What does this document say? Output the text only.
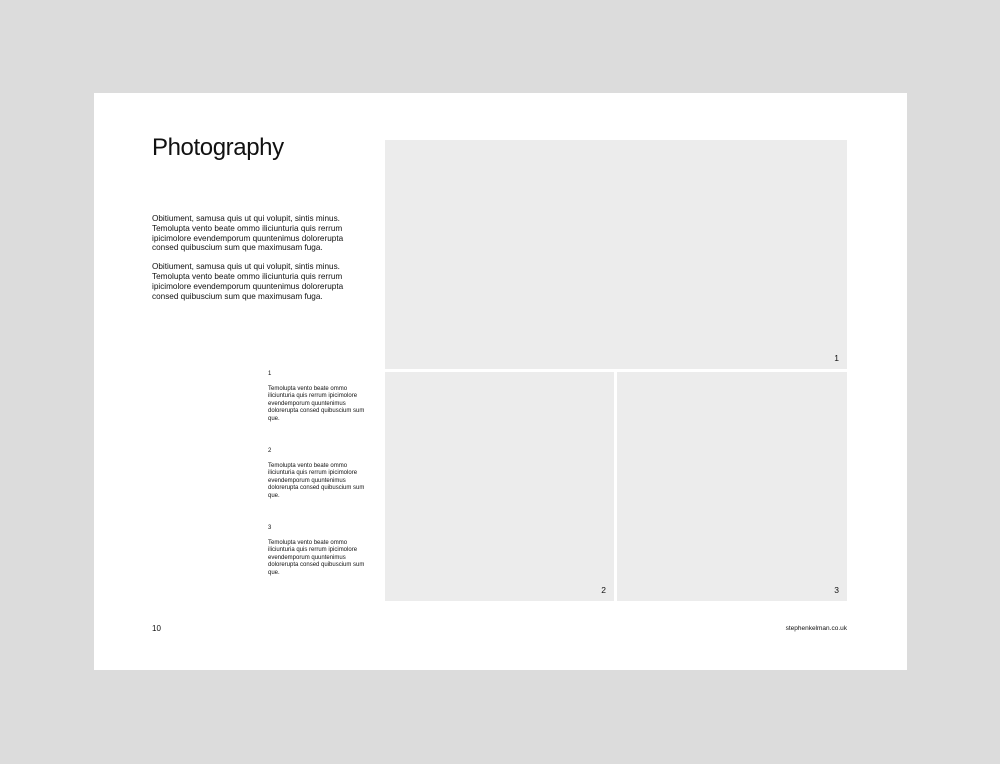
Photography

Obitiument, samusa quis ut qui volupit, sintis minus. Temolupta vento beate ommo iliciunturia quis rerrum ipicimolore evendemporum quuntenimus dolorerupta consed quibuscium sum que maximusam fuga.

Obitiument, samusa quis ut qui volupit, sintis minus. Temolupta vento beate ommo iliciunturia quis rerrum ipicimolore evendemporum quuntenimus dolorerupta consed quibuscium sum que maximusam fuga.

1
Temolupta vento beate ommo iliciunturia quis rerrum ipicimolore evendemporum quuntenimus dolorerupta consed quibuscium sum que.
2
Temolupta vento beate ommo iliciunturia quis rerrum ipicimolore evendemporum quuntenimus dolorerupta consed quibuscium sum que.
3
Temolupta vento beate ommo iliciunturia quis rerrum ipicimolore evendemporum quuntenimus dolorerupta consed quibuscium sum que.
1
2	3
10	stephenkelman.co.uk
